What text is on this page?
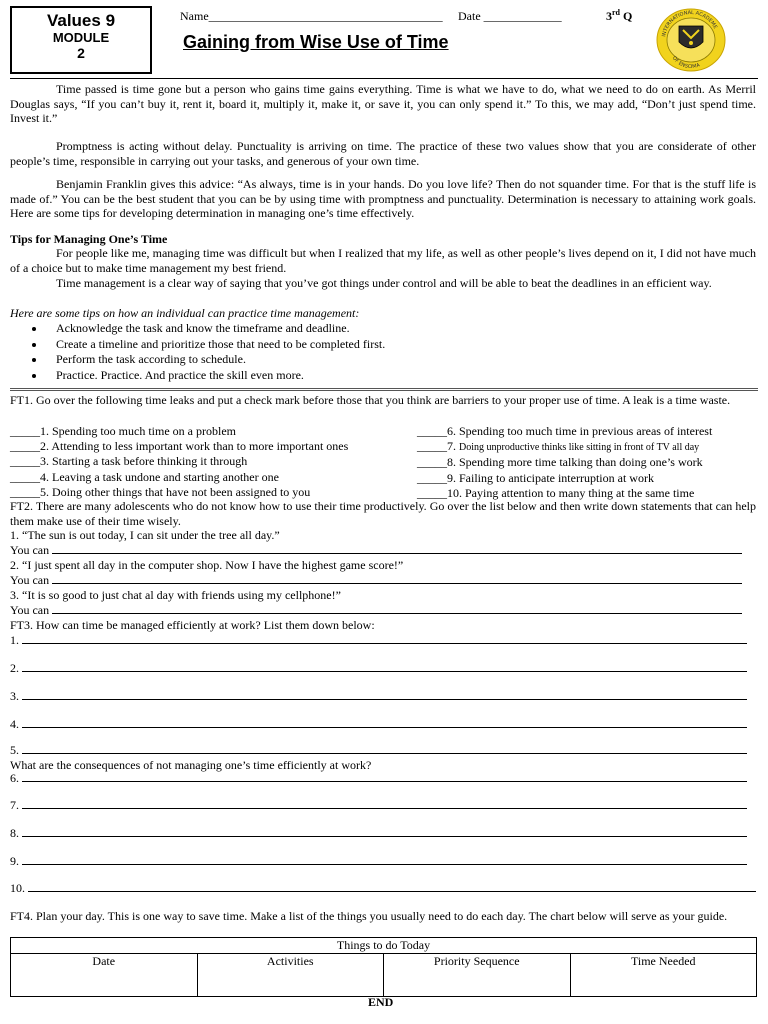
Values 9
MODULE
2
Name_______________________________________ Date _____________	3rd Q
Gaining from Wise Use of Time	INTERNATIONAL ACADEME
OF ENSCIMA
Time passed is time gone but a person who gains time gains everything. Time is what we have to do, what we need to do on earth. As Merril Douglas says, “If you can’t buy it, rent it, board it, multiply it, make it, or save it, you can only spend it.” To this, we may add, “Don’t just spend time. Invest it.”
Promptness is acting without delay. Punctuality is arriving on time. The practice of these two values show that you are considerate of other people’s time, responsible in carrying out your tasks, and generous of your own time.
Benjamin Franklin gives this advice: “As always, time is in your hands. Do you love life? Then do not squander time. For that is the stuff life is made of.” You can be the best student that you can be by using time with promptness and punctuality. Determination is necessary to attaining work goals. Here are some tips for developing determination in managing one’s time effectively.
Tips for Managing One’s Time
For people like me, managing time was difficult but when I realized that my life, as well as other people’s lives depend on it, I did not have much of a choice but to make time management my best friend.
Time management is a clear way of saying that you’ve got things under control and will be able to beat the deadlines in an efficient way.
Here are some tips on how an individual can practice time management:
• Acknowledge the task and know the timeframe and deadline.
• Create a timeline and prioritize those that need to be completed first.
• Perform the task according to schedule.
• Practice. Practice. And practice the skill even more.
FT1. Go over the following time leaks and put a check mark before those that you think are barriers to your proper use of time. A leak is a time waste.
_____1. Spending too much time on a problem
_____2. Attending to less important work than to more important ones
_____3. Starting a task before thinking it through
_____4. Leaving a task undone and starting another one
_____5. Doing other things that have not been assigned to you
_____6. Spending too much time in previous areas of interest
_____7. Doing unproductive thinks like sitting in front of TV all day
_____8. Spending more time talking than doing one’s work
_____9. Failing to anticipate interruption at work
_____10. Paying attention to many thing at the same time
FT2. There are many adolescents who do not know how to use their time productively. Go over the list below and then write down statements that can help them make use of their time wisely.
1. “The sun is out today, I can sit under the tree all day.”
You can
2. “I just spent all day in the computer shop. Now I have the highest game score!”
You can
3. “It is so good to just chat al day with friends using my cellphone!”
You can
FT3. How can time be managed efficiently at work? List them down below:
1.
2.
3.
4.
5.
What are the consequences of not managing one’s time efficiently at work?
6.
7.
8.
9.
10.
FT4. Plan your day. This is one way to save time. Make a list of the things you usually need to do each day. The chart below will serve as your guide.
Things to do Today
Date	Activities	Priority Sequence	Time Needed
END
